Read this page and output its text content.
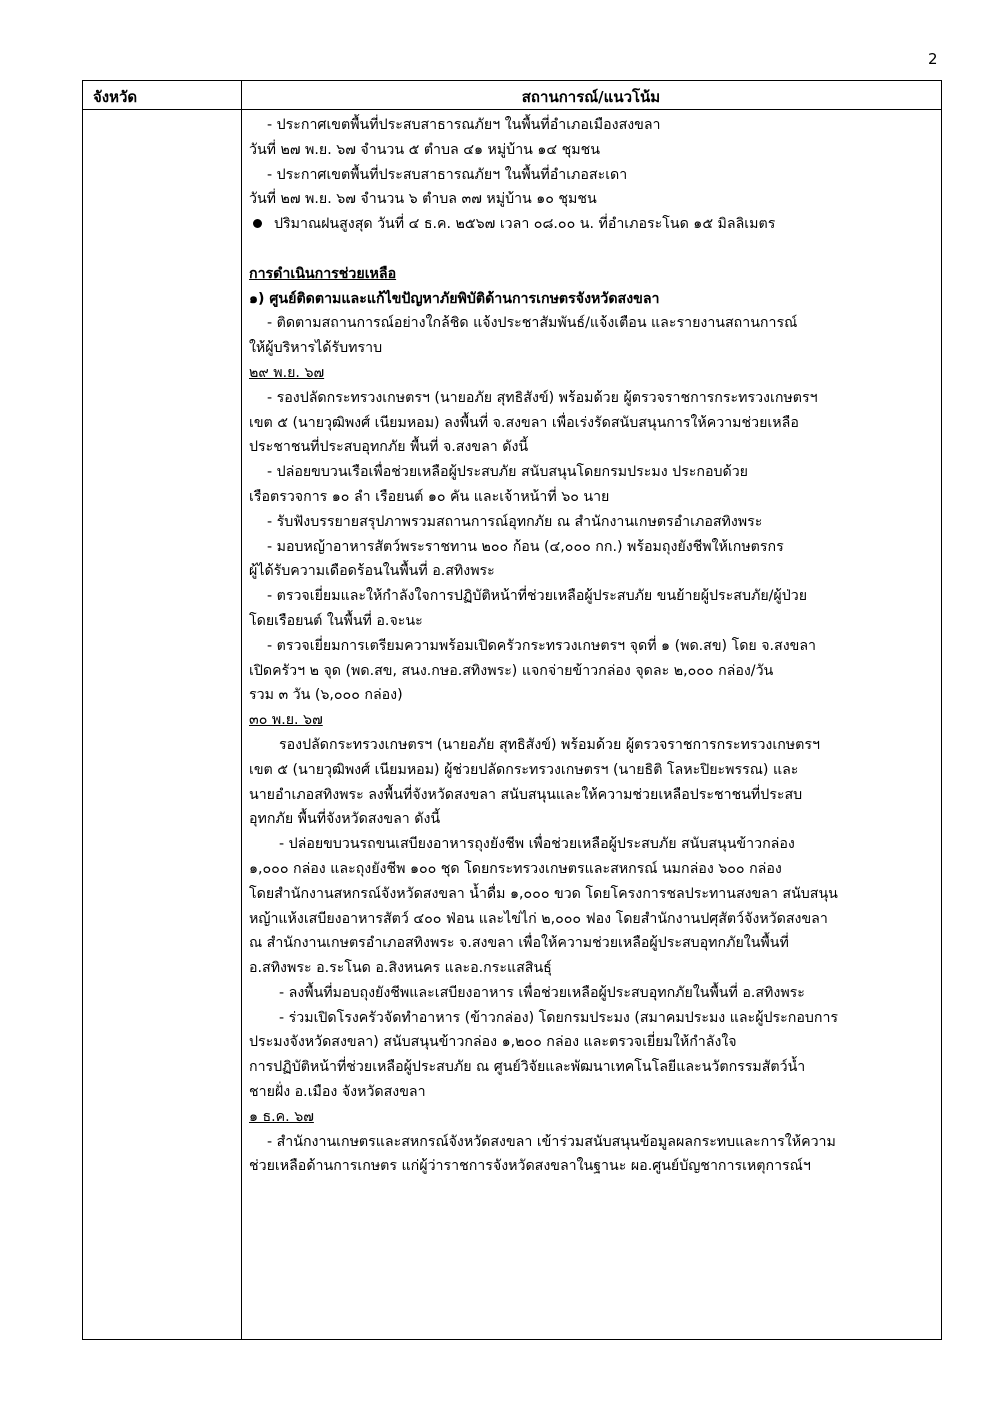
2
จังหวัด	สถานการณ์/แนวโน้ม
- ประกาศเขตพื้นที่ประสบสาธารณภัยฯ ในพื้นที่อำเภอเมืองสงขลา
วันที่ ๒๗ พ.ย. ๖๗ จำนวน ๕ ตำบล ๔๑ หมู่บ้าน ๑๔ ชุมชน
- ประกาศเขตพื้นที่ประสบสาธารณภัยฯ ในพื้นที่อำเภอสะเดา
วันที่ ๒๗ พ.ย. ๖๗ จำนวน ๖ ตำบล ๓๗ หมู่บ้าน ๑๐ ชุมชน
ปริมาณฝนสูงสุด วันที่ ๔ ธ.ค. ๒๕๖๗ เวลา ๐๘.๐๐ น. ที่อำเภอระโนด ๑๕ มิลลิเมตร
การดำเนินการช่วยเหลือ
๑) ศูนย์ติดตามและแก้ไขปัญหาภัยพิบัติด้านการเกษตรจังหวัดสงขลา
- ติดตามสถานการณ์อย่างใกล้ชิด แจ้งประชาสัมพันธ์/แจ้งเตือน และรายงานสถานการณ์
ให้ผู้บริหารได้รับทราบ
๒๙ พ.ย. ๖๗
- รองปลัดกระทรวงเกษตรฯ (นายอภัย สุทธิสังข์) พร้อมด้วย ผู้ตรวจราชการกระทรวงเกษตรฯ
เขต ๕ (นายวุฒิพงศ์ เนียมหอม) ลงพื้นที่ จ.สงขลา เพื่อเร่งรัดสนับสนุนการให้ความช่วยเหลือ
ประชาชนที่ประสบอุทกภัย พื้นที่ จ.สงขลา ดังนี้
- ปล่อยขบวนเรือเพื่อช่วยเหลือผู้ประสบภัย สนับสนุนโดยกรมประมง ประกอบด้วย
เรือตรวจการ ๑๐ ลำ เรือยนต์ ๑๐ คัน และเจ้าหน้าที่ ๖๐ นาย
- รับฟังบรรยายสรุปภาพรวมสถานการณ์อุทกภัย ณ สำนักงานเกษตรอำเภอสทิงพระ
- มอบหญ้าอาหารสัตว์พระราชทาน ๒๐๐ ก้อน (๔,๐๐๐ กก.) พร้อมถุงยังชีพให้เกษตรกร
ผู้ได้รับความเดือดร้อนในพื้นที่ อ.สทิงพระ
- ตรวจเยี่ยมและให้กำลังใจการปฏิบัติหน้าที่ช่วยเหลือผู้ประสบภัย ขนย้ายผู้ประสบภัย/ผู้ป่วย
โดยเรือยนต์ ในพื้นที่ อ.จะนะ
- ตรวจเยี่ยมการเตรียมความพร้อมเปิดครัวกระทรวงเกษตรฯ จุดที่ ๑ (พด.สข) โดย จ.สงขลา
เปิดครัวฯ ๒ จุด (พด.สข, สนง.กษอ.สทิงพระ) แจกจ่ายข้าวกล่อง จุดละ ๒,๐๐๐ กล่อง/วัน
รวม ๓ วัน (๖,๐๐๐ กล่อง)
๓๐ พ.ย. ๖๗
รองปลัดกระทรวงเกษตรฯ (นายอภัย สุทธิสังข์) พร้อมด้วย ผู้ตรวจราชการกระทรวงเกษตรฯ
เขต ๕ (นายวุฒิพงศ์ เนียมหอม) ผู้ช่วยปลัดกระทรวงเกษตรฯ (นายธิติ โลหะปิยะพรรณ) และ
นายอำเภอสทิงพระ ลงพื้นที่จังหวัดสงขลา สนับสนุนและให้ความช่วยเหลือประชาชนที่ประสบ
อุทกภัย พื้นที่จังหวัดสงขลา ดังนี้
- ปล่อยขบวนรถขนเสบียงอาหารถุงยังชีพ เพื่อช่วยเหลือผู้ประสบภัย สนับสนุนข้าวกล่อง
๑,๐๐๐ กล่อง และถุงยังชีพ ๑๐๐ ชุด โดยกระทรวงเกษตรและสหกรณ์ นมกล่อง ๖๐๐ กล่อง
โดยสำนักงานสหกรณ์จังหวัดสงขลา น้ำดื่ม ๑,๐๐๐ ขวด โดยโครงการชลประทานสงขลา สนับสนุน
หญ้าแห้งเสบียงอาหารสัตว์ ๔๐๐ ฟ่อน และไข่ไก่ ๒,๐๐๐ ฟอง โดยสำนักงานปศุสัตว์จังหวัดสงขลา
ณ สำนักงานเกษตรอำเภอสทิงพระ จ.สงขลา เพื่อให้ความช่วยเหลือผู้ประสบอุทกภัยในพื้นที่
อ.สทิงพระ อ.ระโนด อ.สิงหนคร และอ.กระแสสินธุ์
- ลงพื้นที่มอบถุงยังชีพและเสบียงอาหาร เพื่อช่วยเหลือผู้ประสบอุทกภัยในพื้นที่ อ.สทิงพระ
- ร่วมเปิดโรงครัวจัดทำอาหาร (ข้าวกล่อง) โดยกรมประมง (สมาคมประมง และผู้ประกอบการ
ประมงจังหวัดสงขลา) สนับสนุนข้าวกล่อง ๑,๒๐๐ กล่อง และตรวจเยี่ยมให้กำลังใจ
การปฏิบัติหน้าที่ช่วยเหลือผู้ประสบภัย ณ ศูนย์วิจัยและพัฒนาเทคโนโลยีและนวัตกรรมสัตว์น้ำ
ชายฝั่ง อ.เมือง จังหวัดสงขลา
๑ ธ.ค. ๖๗
- สำนักงานเกษตรและสหกรณ์จังหวัดสงขลา เข้าร่วมสนับสนุนข้อมูลผลกระทบและการให้ความ
ช่วยเหลือด้านการเกษตร แก่ผู้ว่าราชการจังหวัดสงขลาในฐานะ ผอ.ศูนย์บัญชาการเหตุการณ์ฯ
